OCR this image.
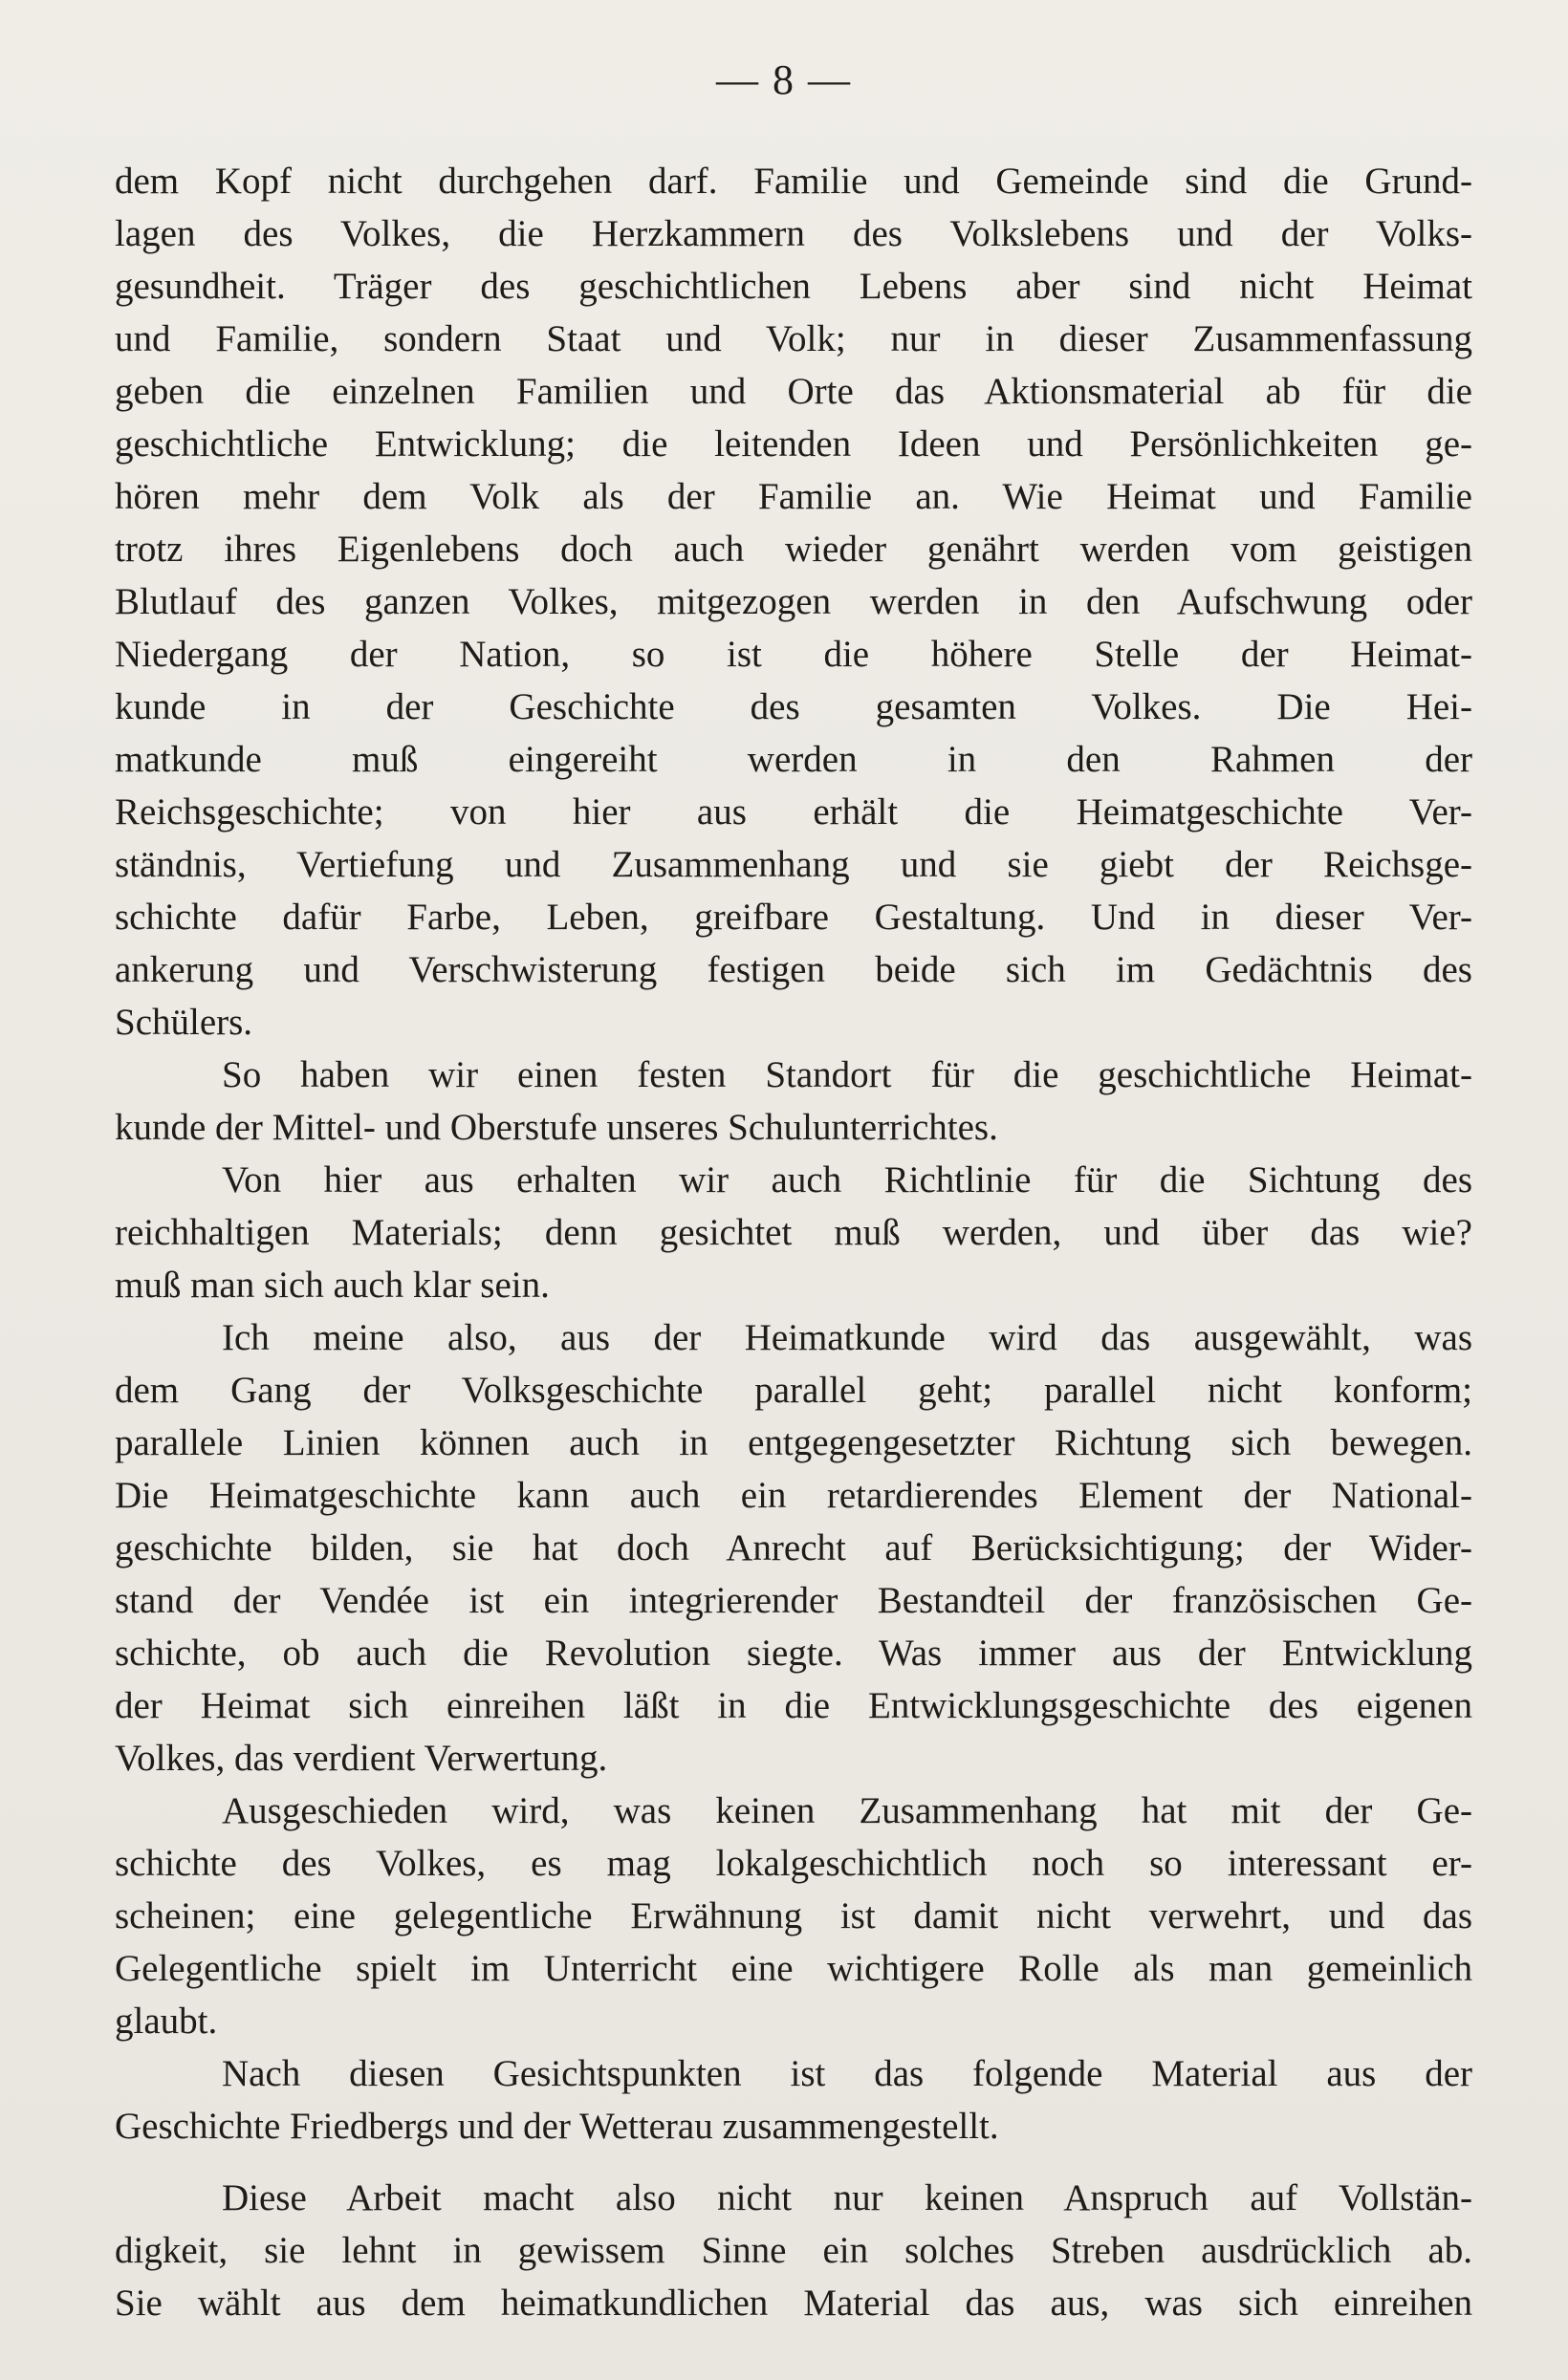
— 8 —
dem Kopf nicht durchgehen darf. Familie und Gemeinde sind die Grund-
lagen des Volkes, die Herzkammern des Volkslebens und der Volks-
gesundheit. Träger des geschichtlichen Lebens aber sind nicht Heimat
und Familie, sondern Staat und Volk; nur in dieser Zusammenfassung
geben die einzelnen Familien und Orte das Aktionsmaterial ab für die
geschichtliche Entwicklung; die leitenden Ideen und Persönlichkeiten ge-
hören mehr dem Volk als der Familie an. Wie Heimat und Familie
trotz ihres Eigenlebens doch auch wieder genährt werden vom geistigen
Blutlauf des ganzen Volkes, mitgezogen werden in den Aufschwung oder
Niedergang der Nation, so ist die höhere Stelle der Heimat-
kunde in der Geschichte des gesamten Volkes. Die Hei-
matkunde muß eingereiht werden in den Rahmen der
Reichsgeschichte; von hier aus erhält die Heimatgeschichte Ver-
ständnis, Vertiefung und Zusammenhang und sie giebt der Reichsge-
schichte dafür Farbe, Leben, greifbare Gestaltung. Und in dieser Ver-
ankerung und Verschwisterung festigen beide sich im Gedächtnis des
Schülers.
So haben wir einen festen Standort für die geschichtliche Heimat-
kunde der Mittel- und Oberstufe unseres Schulunterrichtes.
Von hier aus erhalten wir auch Richtlinie für die Sichtung des
reichhaltigen Materials; denn gesichtet muß werden, und über das wie?
muß man sich auch klar sein.
Ich meine also, aus der Heimatkunde wird das ausgewählt, was
dem Gang der Volksgeschichte parallel geht; parallel nicht konform;
parallele Linien können auch in entgegengesetzter Richtung sich bewegen.
Die Heimatgeschichte kann auch ein retardierendes Element der National-
geschichte bilden, sie hat doch Anrecht auf Berücksichtigung; der Wider-
stand der Vendée ist ein integrierender Bestandteil der französischen Ge-
schichte, ob auch die Revolution siegte. Was immer aus der Entwicklung
der Heimat sich einreihen läßt in die Entwicklungsgeschichte des eigenen
Volkes, das verdient Verwertung.
Ausgeschieden wird, was keinen Zusammenhang hat mit der Ge-
schichte des Volkes, es mag lokalgeschichtlich noch so interessant er-
scheinen; eine gelegentliche Erwähnung ist damit nicht verwehrt, und das
Gelegentliche spielt im Unterricht eine wichtigere Rolle als man gemeinlich
glaubt.
Nach diesen Gesichtspunkten ist das folgende Material aus der
Geschichte Friedbergs und der Wetterau zusammengestellt.
Diese Arbeit macht also nicht nur keinen Anspruch auf Vollstän-
digkeit, sie lehnt in gewissem Sinne ein solches Streben ausdrücklich ab.
Sie wählt aus dem heimatkundlichen Material das aus, was sich einreihen
